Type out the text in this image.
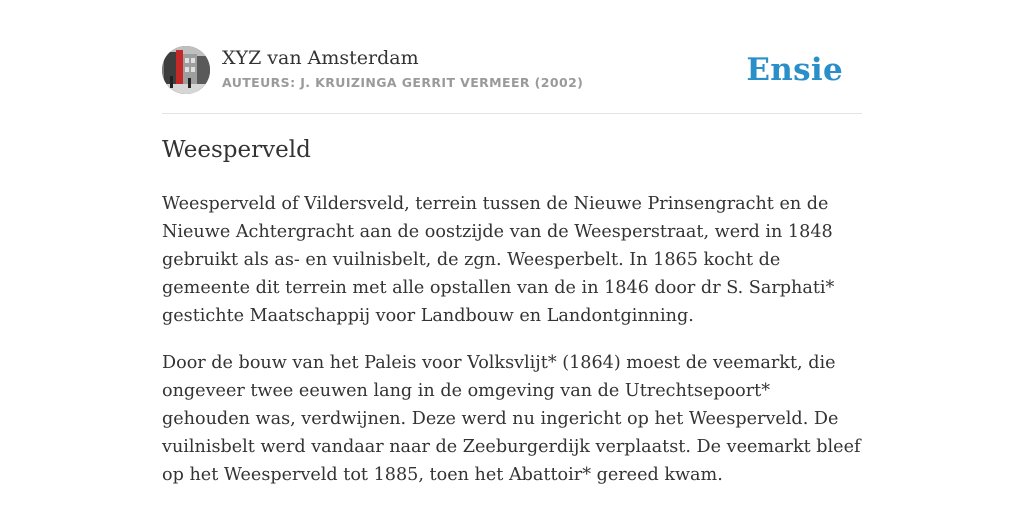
XYZ van Amsterdam
AUTEURS: J. KRUIZINGA GERRIT VERMEER (2002)	Ensie
Weesperveld

Weesperveld of Vildersveld, terrein tussen de Nieuwe Prinsengracht en de Nieuwe Achtergracht aan de oostzijde van de Weesperstraat, werd in 1848 gebruikt als as- en vuilnisbelt, de zgn. Weesperbelt. In 1865 kocht de gemeente dit terrein met alle opstallen van de in 1846 door dr S. Sarphati* gestichte Maatschappij voor Landbouw en Landontginning.

Door de bouw van het Paleis voor Volksvlijt* (1864) moest de veemarkt, die ongeveer twee eeuwen lang in de omgeving van de Utrechtsepoort* gehouden was, verdwijnen. Deze werd nu ingericht op het Weesperveld. De vuilnisbelt werd vandaar naar de Zeeburgerdijk verplaatst. De veemarkt bleef op het Weesperveld tot 1885, toen het Abattoir* gereed kwam.
